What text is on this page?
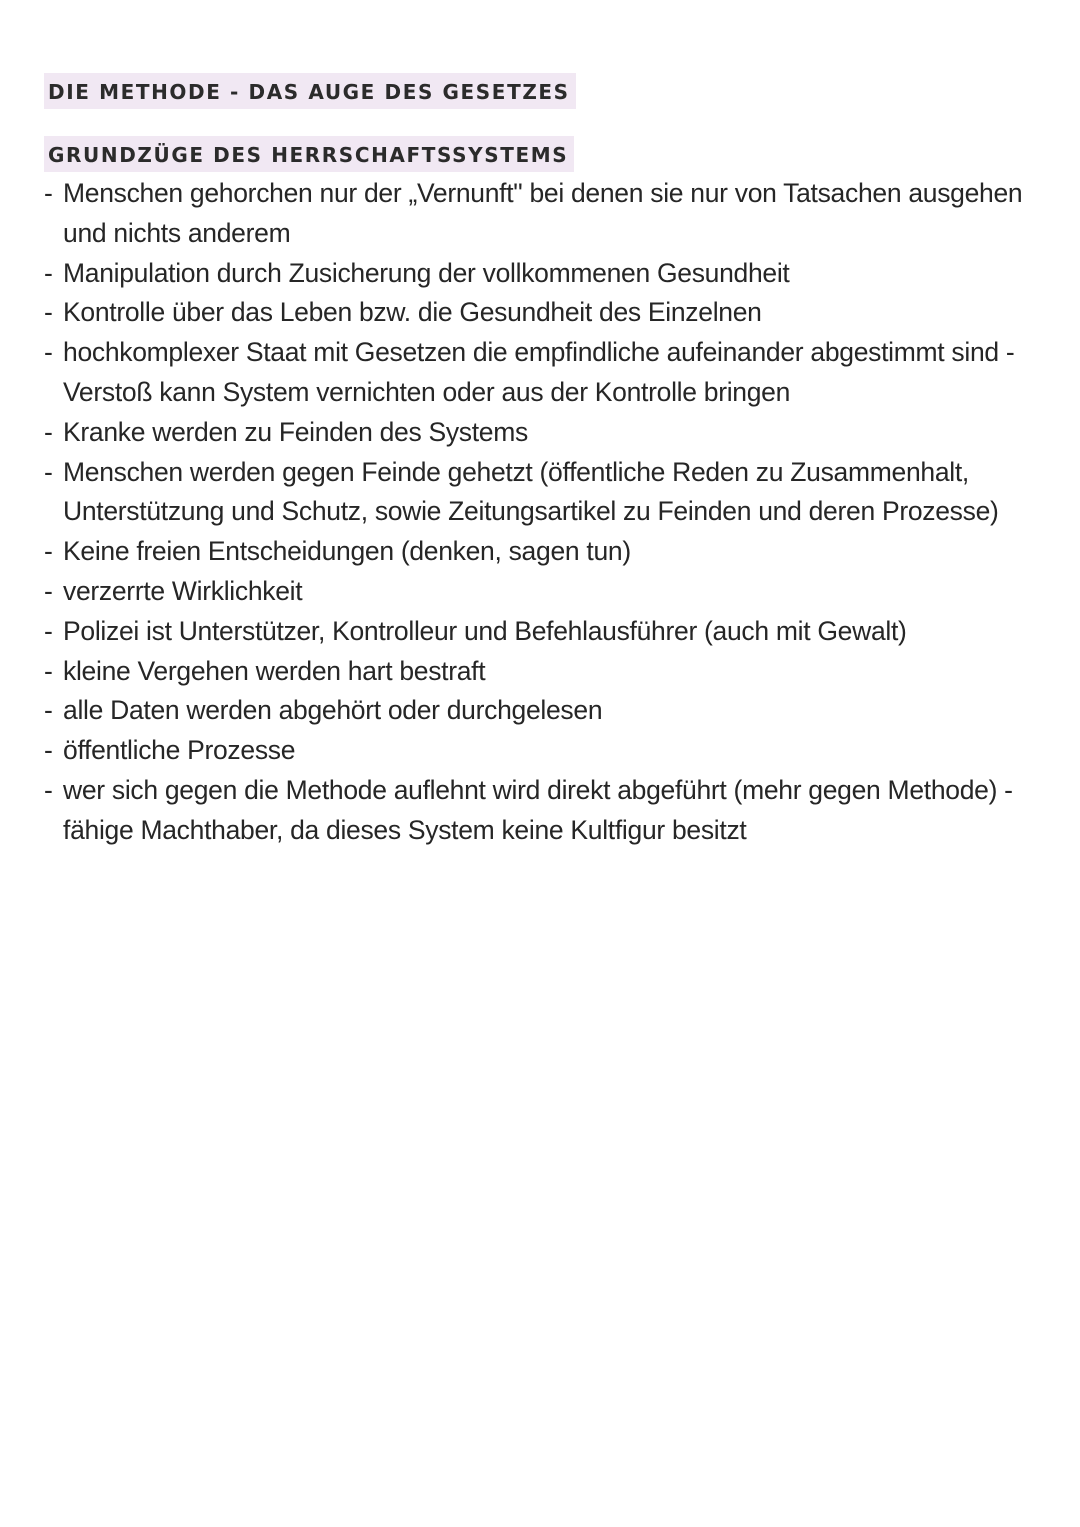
DIE METHODE - DAS AUGE DES GESETZES
GRUNDZÜGE DES HERRSCHAFTSSYSTEMS
- Menschen gehorchen nur der „Vernunft" bei denen sie nur von Tatsachen ausgehen und nichts anderem
- Manipulation durch Zusicherung der vollkommenen Gesundheit
- Kontrolle über das Leben bzw. die Gesundheit des Einzelnen
- hochkomplexer Staat mit Gesetzen die empfindliche aufeinander abgestimmt sind - Verstoß kann System vernichten oder aus der Kontrolle bringen
- Kranke werden zu Feinden des Systems
- Menschen werden gegen Feinde gehetzt (öffentliche Reden zu Zusammenhalt, Unterstützung und Schutz, sowie Zeitungsartikel zu Feinden und deren Prozesse)
- Keine freien Entscheidungen (denken, sagen tun)
- verzerrte Wirklichkeit
- Polizei ist Unterstützer, Kontrolleur und Befehlausführer (auch mit Gewalt)
- kleine Vergehen werden hart bestraft
- alle Daten werden abgehört oder durchgelesen
- öffentliche Prozesse
- wer sich gegen die Methode auflehnt wird direkt abgeführt (mehr gegen Methode) - fähige Machthaber, da dieses System keine Kultfigur besitzt
